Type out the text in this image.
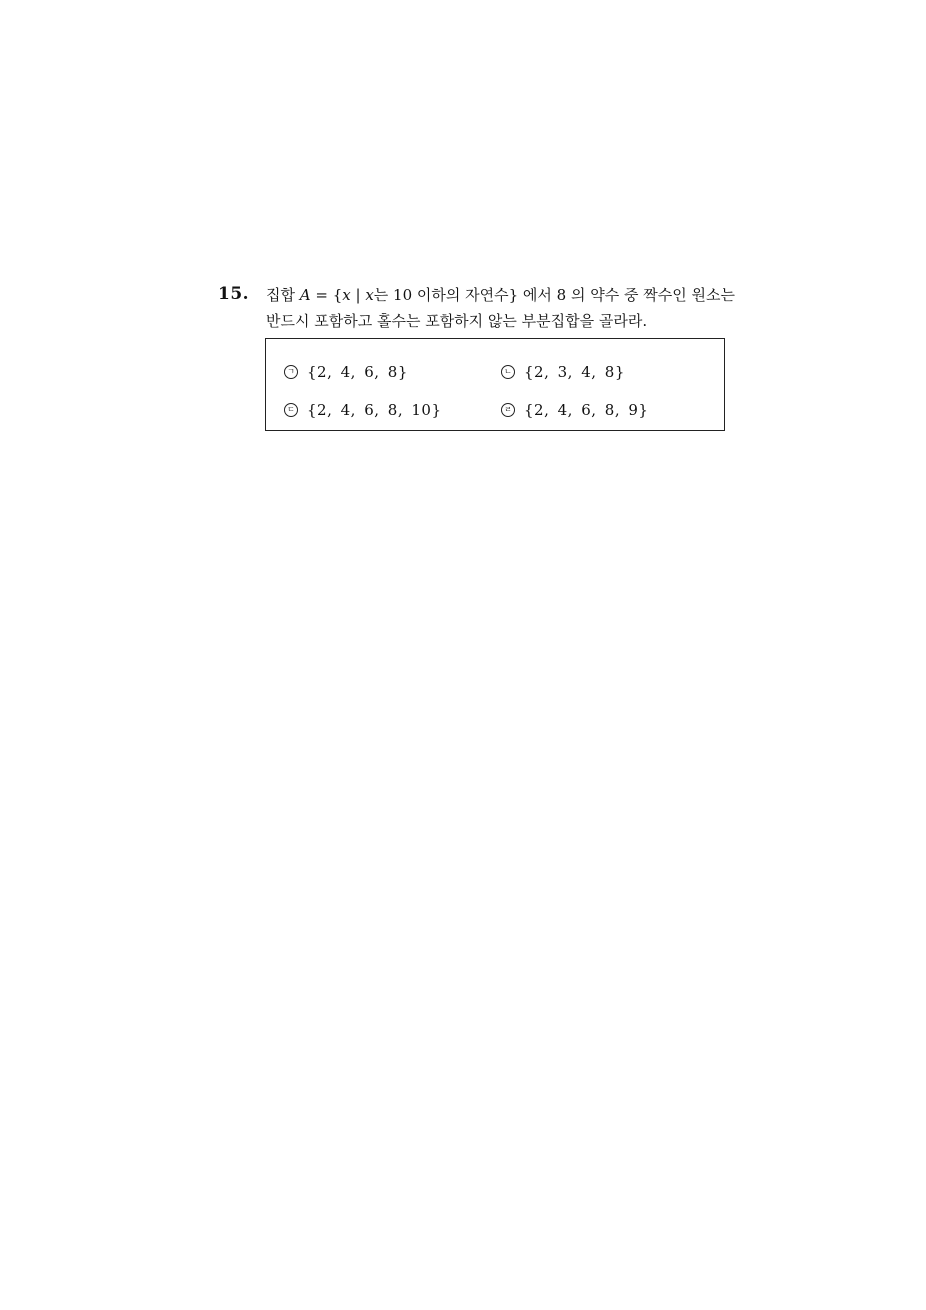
15. 집합 A = {x | x는 10 이하의 자연수} 에서 8 의 약수 중 짝수인 원소는
반드시 포함하고 홀수는 포함하지 않는 부분집합을 골라라.
ㄱ {2, 4, 6, 8}	ㄴ {2, 3, 4, 8}
ㄷ {2, 4, 6, 8, 10}	ㄹ {2, 4, 6, 8, 9}
